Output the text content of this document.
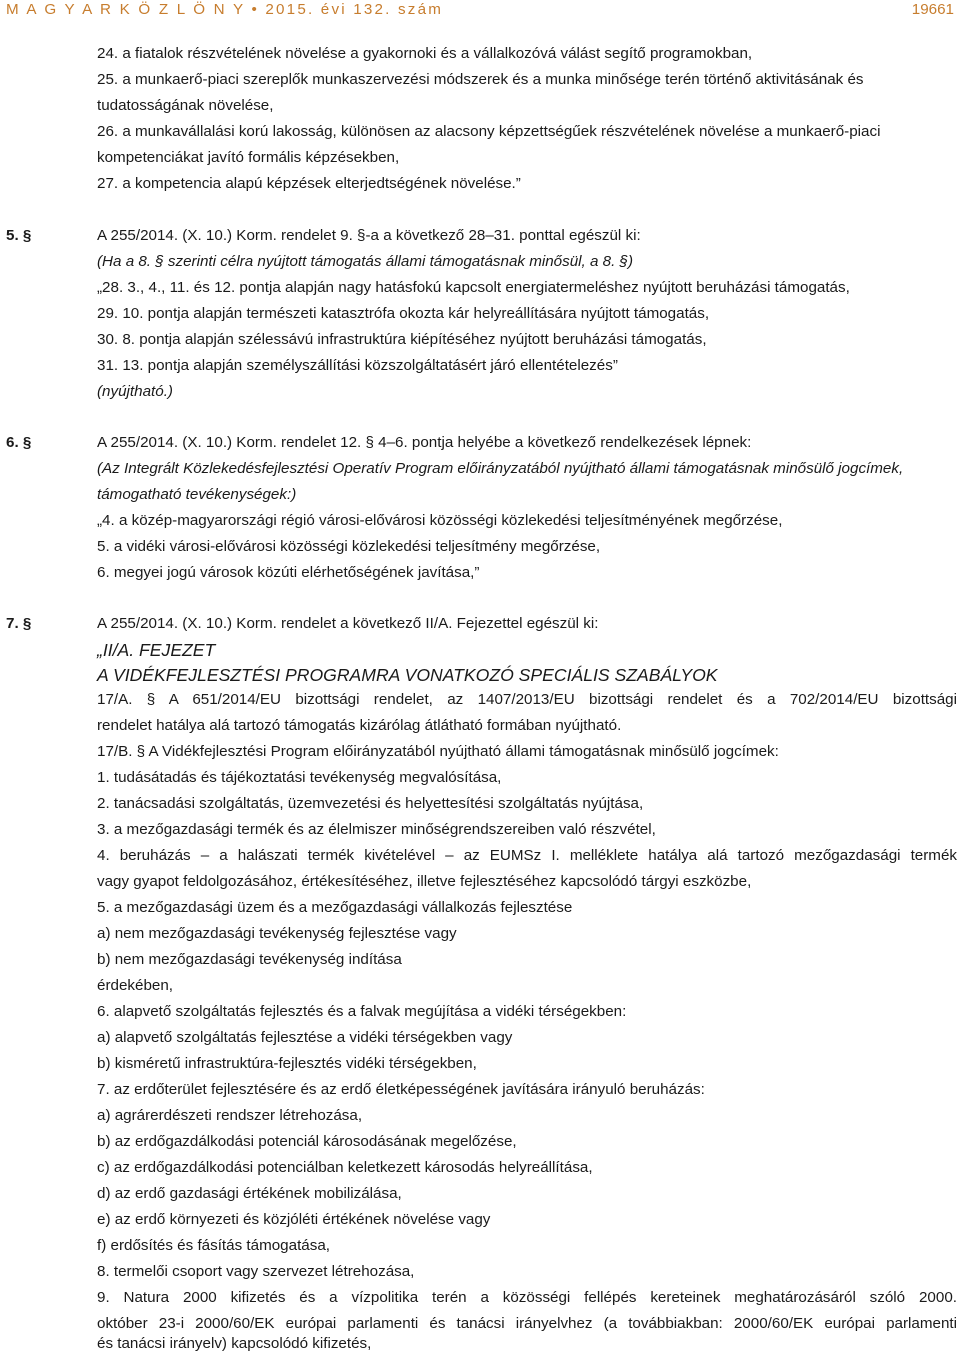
M A G Y A R K Ö Z L Ö N Y • 2015. évi 132. szám	19661
24. a fiatalok részvételének növelése a gyakornoki és a vállalkozóvá válást segítő programokban,
25. a munkaerő-piaci szereplők munkaszervezési módszerek és a munka minősége terén történő aktivitásának és
tudatosságának növelése,
26. a munkavállalási korú lakosság, különösen az alacsony képzettségűek részvételének növelése a munkaerő-piaci
kompetenciákat javító formális képzésekben,
27. a kompetencia alapú képzések elterjedtségének növelése.”
5. §	A 255/2014. (X. 10.) Korm. rendelet 9. §-a a következő 28–31. ponttal egészül ki:
(Ha a 8. § szerinti célra nyújtott támogatás állami támogatásnak minősül, a 8. §)
„28. 3., 4., 11. és 12. pontja alapján nagy hatásfokú kapcsolt energiatermeléshez nyújtott beruházási támogatás,
29. 10. pontja alapján természeti katasztrófa okozta kár helyreállítására nyújtott támogatás,
30. 8. pontja alapján szélessávú infrastruktúra kiépítéséhez nyújtott beruházási támogatás,
31. 13. pontja alapján személyszállítási közszolgáltatásért járó ellentételezés”
(nyújtható.)
6. §	A 255/2014. (X. 10.) Korm. rendelet 12. § 4–6. pontja helyébe a következő rendelkezések lépnek:
(Az Integrált Közlekedésfejlesztési Operatív Program előirányzatából nyújtható állami támogatásnak minősülő jogcímek,
támogatható tevékenységek:)
„4. a közép-magyarországi régió városi-elővárosi közösségi közlekedési teljesítményének megőrzése,
5. a vidéki városi-elővárosi közösségi közlekedési teljesítmény megőrzése,
6. megyei jogú városok közúti elérhetőségének javítása,”
7. §	A 255/2014. (X. 10.) Korm. rendelet a következő II/A. Fejezettel egészül ki:
„II/A. FEJEZET
A VIDÉKFEJLESZTÉSI PROGRAMRA VONATKOZÓ SPECIÁLIS SZABÁLYOK
17/A. § A 651/2014/EU bizottsági rendelet, az 1407/2013/EU bizottsági rendelet és a 702/2014/EU bizottsági
rendelet hatálya alá tartozó támogatás kizárólag átlátható formában nyújtható.
17/B. § A Vidékfejlesztési Program előirányzatából nyújtható állami támogatásnak minősülő jogcímek:
1. tudásátadás és tájékoztatási tevékenység megvalósítása,
2. tanácsadási szolgáltatás, üzemvezetési és helyettesítési szolgáltatás nyújtása,
3. a mezőgazdasági termék és az élelmiszer minőségrendszereiben való részvétel,
4. beruházás – a halászati termék kivételével – az EUMSz I. melléklete hatálya alá tartozó mezőgazdasági termék
vagy gyapot feldolgozásához, értékesítéséhez, illetve fejlesztéséhez kapcsolódó tárgyi eszközbe,
5. a mezőgazdasági üzem és a mezőgazdasági vállalkozás fejlesztése
a) nem mezőgazdasági tevékenység fejlesztése vagy
b) nem mezőgazdasági tevékenység indítása
érdekében,
6. alapvető szolgáltatás fejlesztés és a falvak megújítása a vidéki térségekben:
a) alapvető szolgáltatás fejlesztése a vidéki térségekben vagy
b) kisméretű infrastruktúra-fejlesztés vidéki térségekben,
7. az erdőterület fejlesztésére és az erdő életképességének javítására irányuló beruházás:
a) agrárerdészeti rendszer létrehozása,
b) az erdőgazdálkodási potenciál károsodásának megelőzése,
c) az erdőgazdálkodási potenciálban keletkezett károsodás helyreállítása,
d) az erdő gazdasági értékének mobilizálása,
e) az erdő környezeti és közjóléti értékének növelése vagy
f) erdősítés és fásítás támogatása,
8. termelői csoport vagy szervezet létrehozása,
9. Natura 2000 kifizetés és a vízpolitika terén a közösségi fellépés kereteinek meghatározásáról szóló 2000.
október 23-i 2000/60/EK európai parlamenti és tanácsi irányelvhez (a továbbiakban: 2000/60/EK európai parlamenti
és tanácsi irányelv) kapcsolódó kifizetés,
